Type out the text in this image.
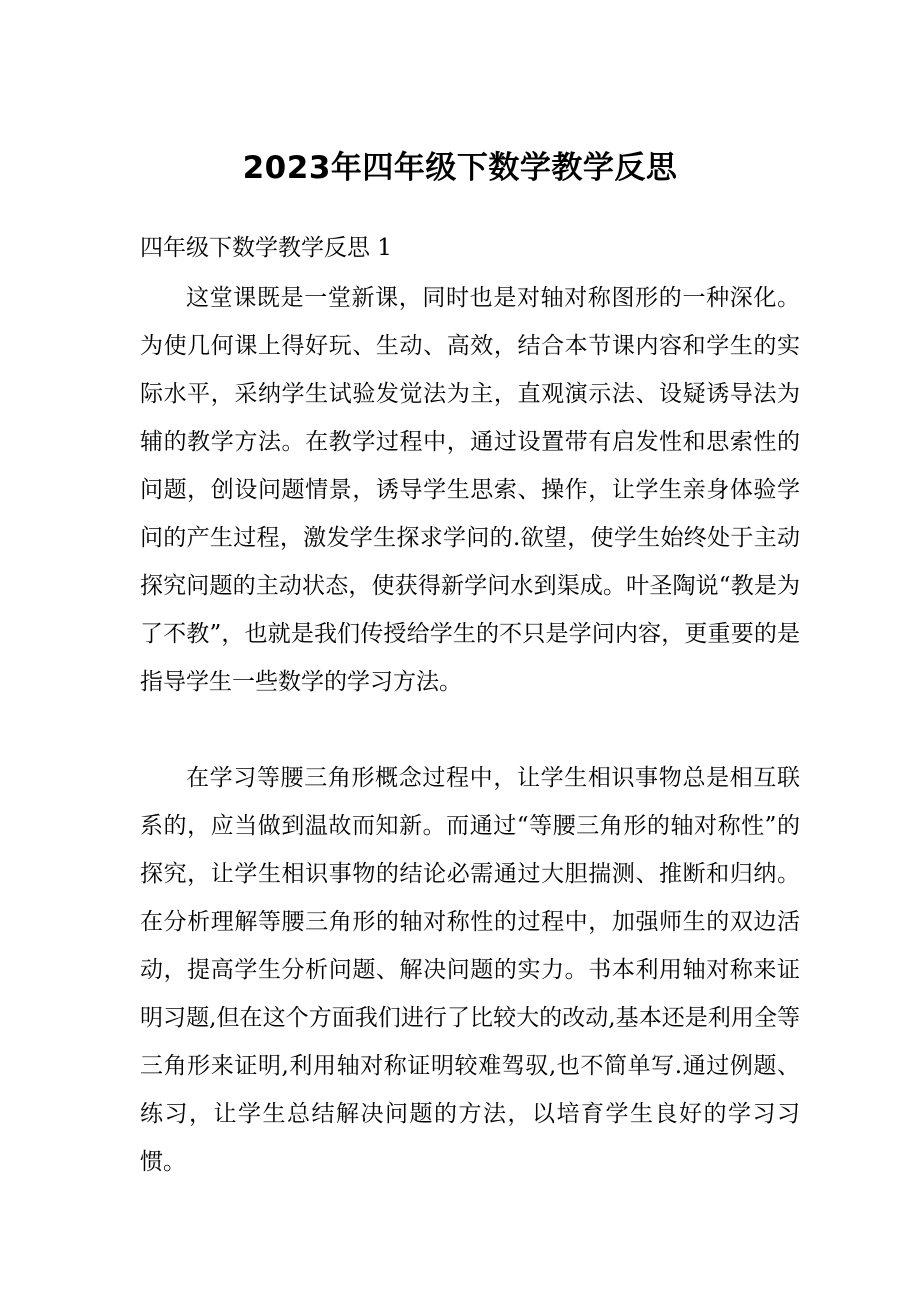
2023年四年级下数学教学反思
四年级下数学教学反思 1

这堂课既是一堂新课，同时也是对轴对称图形的一种深化。为使几何课上得好玩、生动、高效，结合本节课内容和学生的实际水平，采纳学生试验发觉法为主，直观演示法、设疑诱导法为辅的教学方法。在教学过程中，通过设置带有启发性和思索性的问题，创设问题情景，诱导学生思索、操作，让学生亲身体验学问的产生过程，激发学生探求学问的.欲望，使学生始终处于主动探究问题的主动状态，使获得新学问水到渠成。叶圣陶说“教是为了不教”，也就是我们传授给学生的不只是学问内容，更重要的是指导学生一些数学的学习方法。

在学习等腰三角形概念过程中，让学生相识事物总是相互联系的，应当做到温故而知新。而通过“等腰三角形的轴对称性”的探究，让学生相识事物的结论必需通过大胆揣测、推断和归纳。在分析理解等腰三角形的轴对称性的过程中，加强师生的双边活动，提高学生分析问题、解决问题的实力。书本利用轴对称来证明习题,但在这个方面我们进行了比较大的改动,基本还是利用全等三角形来证明,利用轴对称证明较难驾驭,也不简单写.通过例题、练习，让学生总结解决问题的方法，以培育学生良好的学习习惯。
